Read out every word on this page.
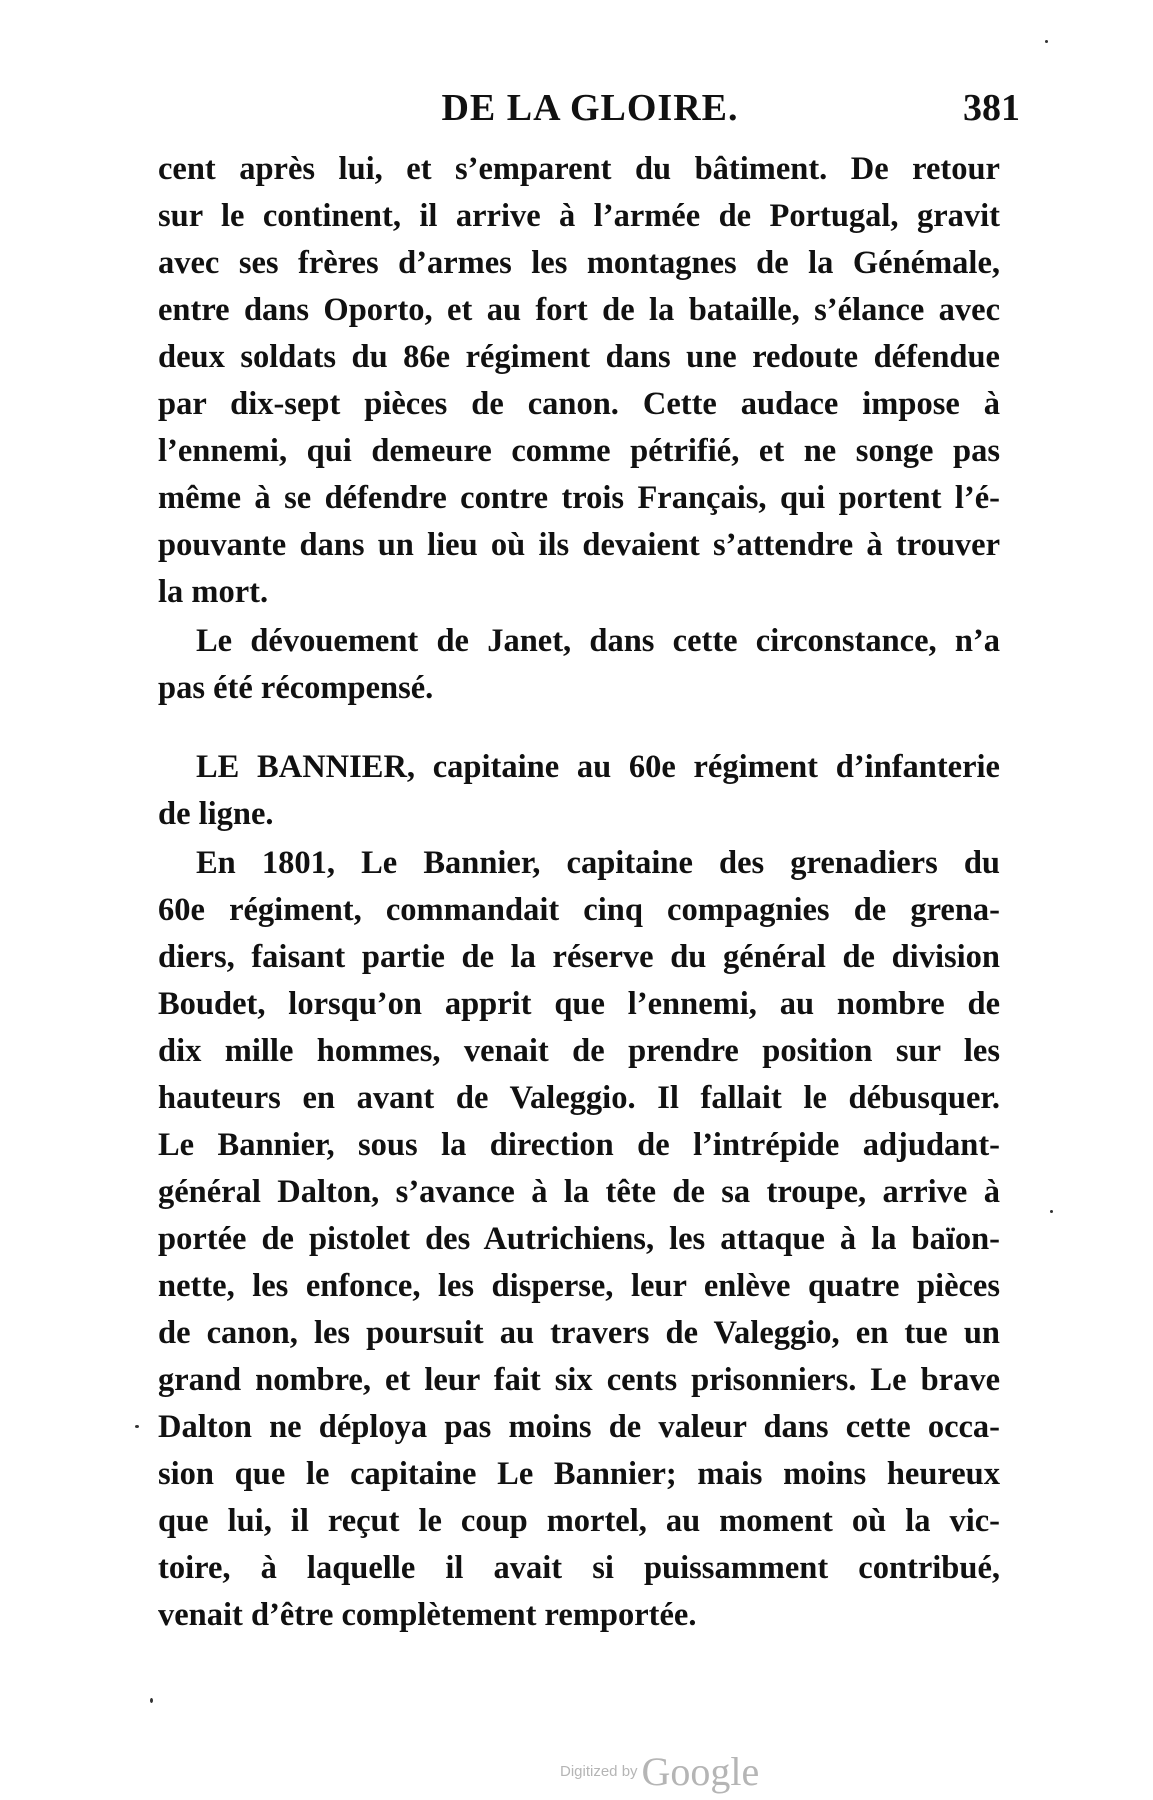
DE LA GLOIRE.	381

cent après lui, et s’emparent du bâtiment. De retour
sur le continent, il arrive à l’armée de Portugal, gravit
avec ses frères d’armes les montagnes de la Génémale,
entre dans Oporto, et au fort de la bataille, s’élance avec
deux soldats du 86e régiment dans une redoute défendue
par dix-sept pièces de canon. Cette audace impose à
l’ennemi, qui demeure comme pétrifié, et ne songe pas
même à se défendre contre trois Français, qui portent l’é-
pouvante dans un lieu où ils devaient s’attendre à trouver
la mort.

Le dévouement de Janet, dans cette circonstance, n’a
pas été récompensé.

LE BANNIER, capitaine au 60e régiment d’infanterie
de ligne.

En 1801, Le Bannier, capitaine des grenadiers du
60e régiment, commandait cinq compagnies de grena-
diers, faisant partie de la réserve du général de division
Boudet, lorsqu’on apprit que l’ennemi, au nombre de
dix mille hommes, venait de prendre position sur les
hauteurs en avant de Valeggio. Il fallait le débusquer.
Le Bannier, sous la direction de l’intrépide adjudant-
général Dalton, s’avance à la tête de sa troupe, arrive à
portée de pistolet des Autrichiens, les attaque à la baïon-
nette, les enfonce, les disperse, leur enlève quatre pièces
de canon, les poursuit au travers de Valeggio, en tue un
grand nombre, et leur fait six cents prisonniers. Le brave
Dalton ne déploya pas moins de valeur dans cette occa-
sion que le capitaine Le Bannier; mais moins heureux
que lui, il reçut le coup mortel, au moment où la vic-
toire, à laquelle il avait si puissamment contribué,
venait d’être complètement remportée.

Digitized by Google
